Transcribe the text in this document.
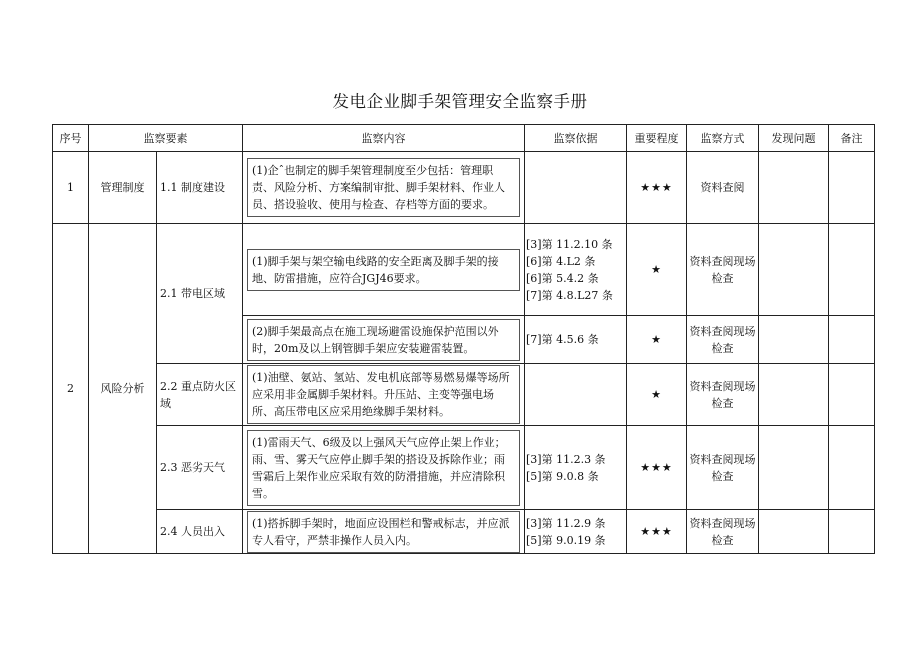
发电企业脚手架管理安全监察手册
序号	监察要素		监察内容	监察依据	重要程度	监察方式	发现问题	备注
1	管理制度	1.1 制度建设	(1)企ˆ也制定的脚手架管理制度至少包括：管理职责、风险分析、方案编制审批、脚手架材料、作业人员、搭设验收、使用与检查、存档等方面的要求。		★★★	资料查阅		
2	风险分析	2.1 带电区域	(1)脚手架与架空输电线路的安全距离及脚手架的接地、防雷措施，应符合JGJ46要求。	[3]第 11.2.10 条
[6]第 4.L2 条
[6]第 5.4.2 条
[7]第 4.8.L27 条	★	资料查阅现场检查		

			(2)脚手架最高点在施工现场避雷设施保护范围以外时，20m及以上钢管脚手架应安装避雷装置。	[7]第 4.5.6 条	★	资料查阅现场检查		
		2.2 重点防火区域	(1)油壁、氨站、氢站、发电机底部等易燃易爆等场所应采用非金属脚手架材料。升压站、主变等强电场所、高压带电区应采用绝缘脚手架材料。		★	资料查阅现场检查		
		2.3 恶劣天气	(1)雷雨天气、6级及以上强风天气应停止架上作业；雨、雪、雾天气应停止脚手架的搭设及拆除作业；雨雪霜后上架作业应采取有效的防滑措施，并应清除积雪。	[3]第 11.2.3 条
[5]第 9.0.8 条	★★★	资料查阅现场检查		
		2.4 人员出入	(1)搭拆脚手架时，地面应设围栏和警戒标志，并应派专人看守，严禁非操作人员入内。	[3]第 11.2.9 条
[5]第 9.0.19 条	★★★	资料查阅现场检查		
